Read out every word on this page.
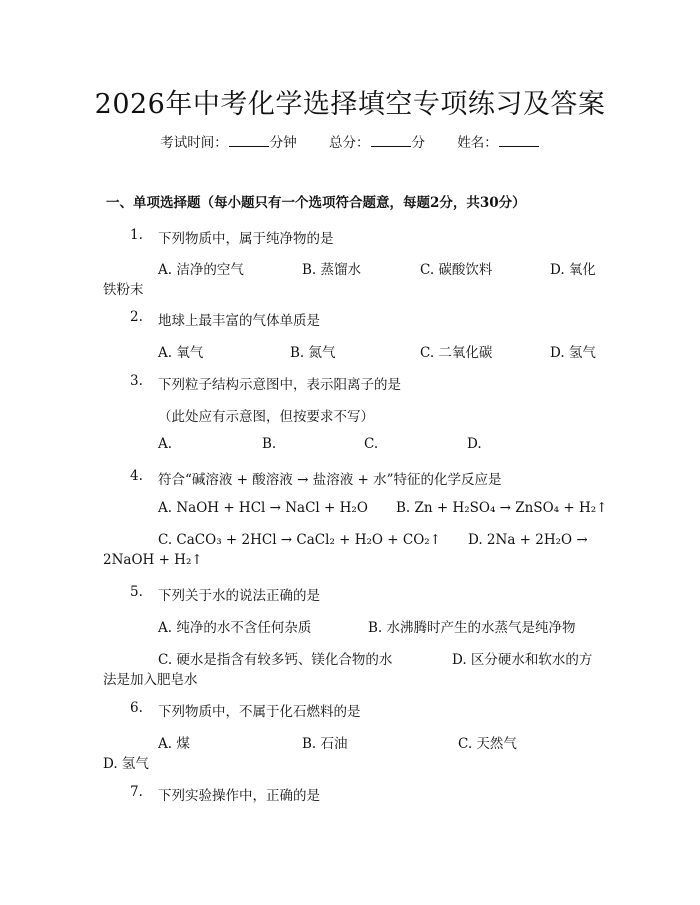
2026年中考化学选择填空专项练习及答案
考试时间：	分钟 总分：	分 姓名：
一、单项选择题（每小题只有一个选项符合题意，每题2分，共30分）
1. 下列物质中，属于纯净物的是
A. 洁净的空气	B. 蒸馏水	C. 碳酸饮料	D. 氧化
铁粉末
2. 地球上最丰富的气体单质是
A. 氧气	B. 氮气	C. 二氧化碳	D. 氢气
3. 下列粒子结构示意图中，表示阳离子的是
（此处应有示意图，但按要求不写）
A.	B.	C.	D.
4. 符合“碱溶液 + 酸溶液 → 盐溶液 + 水”特征的化学反应是
A. NaOH + HCl → NaCl + H₂O B. Zn + H₂SO₄ → ZnSO₄ + H₂↑
C. CaCO₃ + 2HCl → CaCl₂ + H₂O + CO₂↑ D. 2Na + 2H₂O →
2NaOH + H₂↑
5. 下列关于水的说法正确的是
A. 纯净的水不含任何杂质	B. 水沸腾时产生的水蒸气是纯净物
C. 硬水是指含有较多钙、镁化合物的水	D. 区分硬水和软水的方
法是加入肥皂水
6. 下列物质中，不属于化石燃料的是
A. 煤	B. 石油	C. 天然气
D. 氢气
7. 下列实验操作中，正确的是
